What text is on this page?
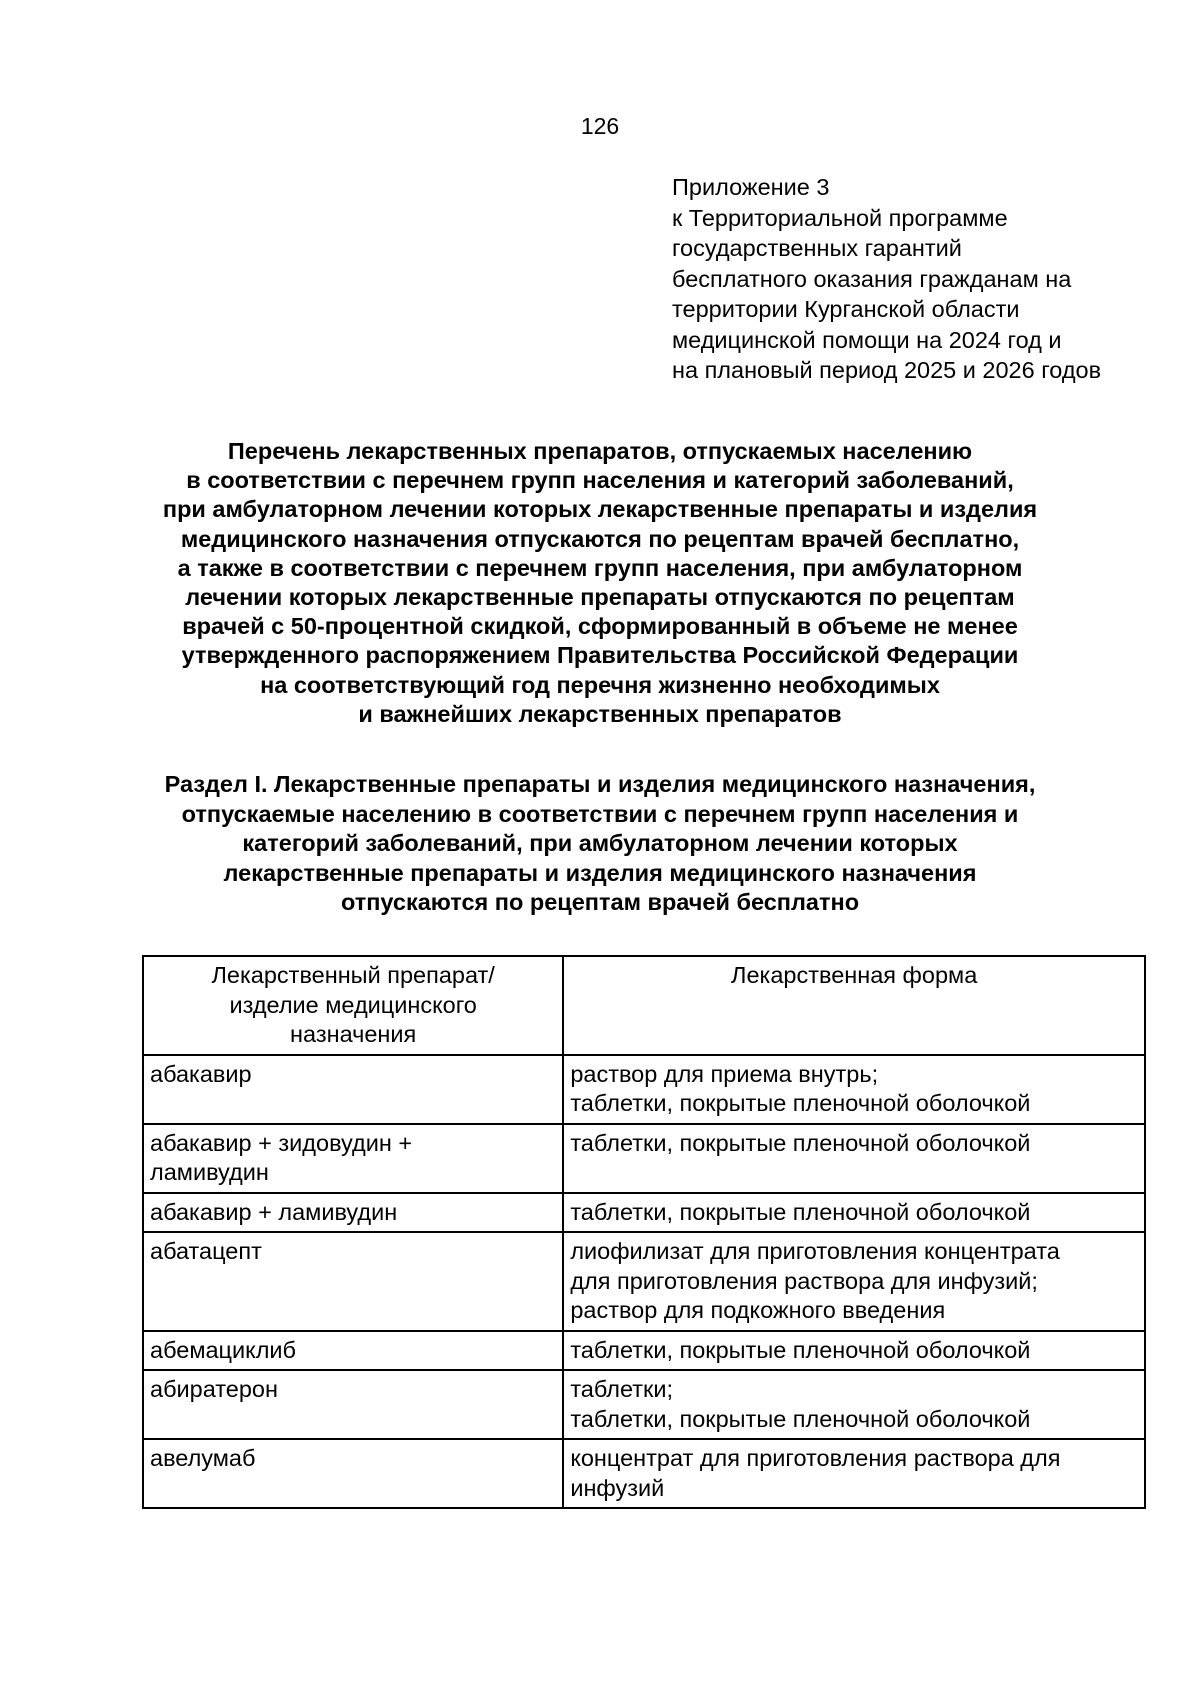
126
Приложение 3
к Территориальной программе
государственных гарантий
бесплатного оказания гражданам на
территории Курганской области
медицинской помощи на 2024 год и
на плановый период 2025 и 2026 годов
Перечень лекарственных препаратов, отпускаемых населению
в соответствии с перечнем групп населения и категорий заболеваний,
при амбулаторном лечении которых лекарственные препараты и изделия
медицинского назначения отпускаются по рецептам врачей бесплатно,
а также в соответствии с перечнем групп населения, при амбулаторном
лечении которых лекарственные препараты отпускаются по рецептам
врачей с 50-процентной скидкой, сформированный в объеме не менее
утвержденного распоряжением Правительства Российской Федерации
на соответствующий год перечня жизненно необходимых
и важнейших лекарственных препаратов
Раздел I. Лекарственные препараты и изделия медицинского назначения,
отпускаемые населению в соответствии с перечнем групп населения и
категорий заболеваний, при амбулаторном лечении которых
лекарственные препараты и изделия медицинского назначения
отпускаются по рецептам врачей бесплатно
Лекарственный препарат/
изделие медицинского
назначения	Лекарственная форма

абакавир	раствор для приема внутрь;
таблетки, покрытые пленочной оболочкой

абакавир + зидовудин +
ламивудин	таблетки, покрытые пленочной оболочкой

абакавир + ламивудин	таблетки, покрытые пленочной оболочкой

абатацепт	лиофилизат для приготовления концентрата
для приготовления раствора для инфузий;
раствор для подкожного введения

абемациклиб	таблетки, покрытые пленочной оболочкой

абиратерон	таблетки;
таблетки, покрытые пленочной оболочкой

авелумаб	концентрат для приготовления раствора для
инфузий
